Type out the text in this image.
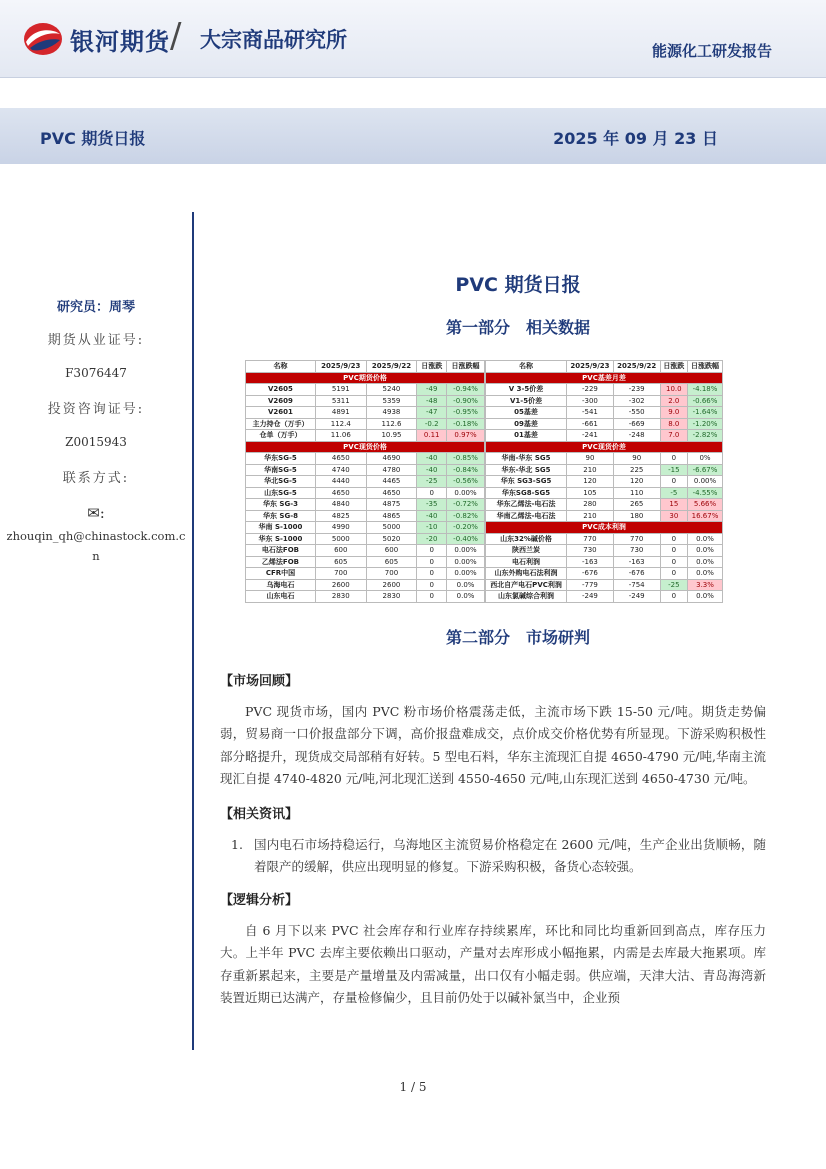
银河期货 / 大宗商品研究所	能源化工研发报告
PVC 期货日报	2025 年 09 月 23 日
研究员：周琴
期货从业证号:
F3076447
投资咨询证号:
Z0015943
联系方式:
✉:
zhouqin_qh@chinastock.com.cn
PVC 期货日报
第一部分 相关数据
名称	2025/9/23	2025/9/22	日涨跌	日涨跌幅
PVC期货价格				
V2605	5191	5240	-49	-0.94%
V2609	5311	5359	-48	-0.90%
V2601	4891	4938	-47	-0.95%
主力持仓（万手）	112.4	112.6	-0.2	-0.18%
仓单（万手）	11.06	10.95	0.11	0.97%
PVC现货价格				
华东SG-5	4650	4690	-40	-0.85%
华南SG-5	4740	4780	-40	-0.84%
华北SG-5	4440	4465	-25	-0.56%
山东SG-5	4650	4650	0	0.00%
华东 SG-3	4840	4875	-35	-0.72%
华东 SG-8	4825	4865	-40	-0.82%
华南 S-1000	4990	5000	-10	-0.20%
华东 S-1000	5000	5020	-20	-0.40%
电石法FOB	600	600	0	0.00%
乙烯法FOB	605	605	0	0.00%
CFR中国	700	700	0	0.00%
乌海电石	2600	2600	0	0.0%
山东电石	2830	2830	0	0.0%
名称	2025/9/23	2025/9/22	日涨跌	日涨跌幅
PVC基差月差				
V 3-5价差	-229	-239	10.0	-4.18%
V1-5价差	-300	-302	2.0	-0.66%
05基差	-541	-550	9.0	-1.64%
09基差	-661	-669	8.0	-1.20%
01基差	-241	-248	7.0	-2.82%
PVC现货价差				
华南-华东 SG5	90	90	0	0%
华东-华北 SG5	210	225	-15	-6.67%
华东 SG3-SG5	120	120	0	0.00%
华东SG8-SG5	105	110	-5	-4.55%
华东乙烯法-电石法	280	265	15	5.66%
华南乙烯法-电石法	210	180	30	16.67%
PVC成本利润				
山东32%碱价格	770	770	0	0.0%
陕西兰炭	730	730	0	0.0%
电石利润	-163	-163	0	0.0%
山东外购电石法利润	-676	-676	0	0.0%
西北自产电石PVC利润	-779	-754	-25	3.3%
山东氯碱综合利润	-249	-249	0	0.0%
第二部分 市场研判
【市场回顾】
PVC 现货市场，国内 PVC 粉市场价格震荡走低，主流市场下跌 15-50 元/吨。期货走势偏弱，贸易商一口价报盘部分下调，高价报盘难成交，点价成交价格优势有所显现。下游采购积极性部分略提升，现货成交局部稍有好转。5 型电石料，华东主流现汇自提 4650-4790 元/吨,华南主流现汇自提 4740-4820 元/吨,河北现汇送到 4550-4650 元/吨,山东现汇送到 4650-4730 元/吨。
【相关资讯】
1. 国内电石市场持稳运行，乌海地区主流贸易价格稳定在 2600 元/吨，生产企业出货顺畅，随着限产的缓解，供应出现明显的修复。下游采购积极，备货心态较强。
【逻辑分析】
自 6 月下以来 PVC 社会库存和行业库存持续累库，环比和同比均重新回到高点，库存压力大。上半年 PVC 去库主要依赖出口驱动，产量对去库形成小幅拖累，内需是去库最大拖累项。库存重新累起来，主要是产量增量及内需减量，出口仅有小幅走弱。供应端，天津大沽、青岛海湾新装置近期已达满产，存量检修偏少，且目前仍处于以碱补氯当中，企业预
1 / 5
